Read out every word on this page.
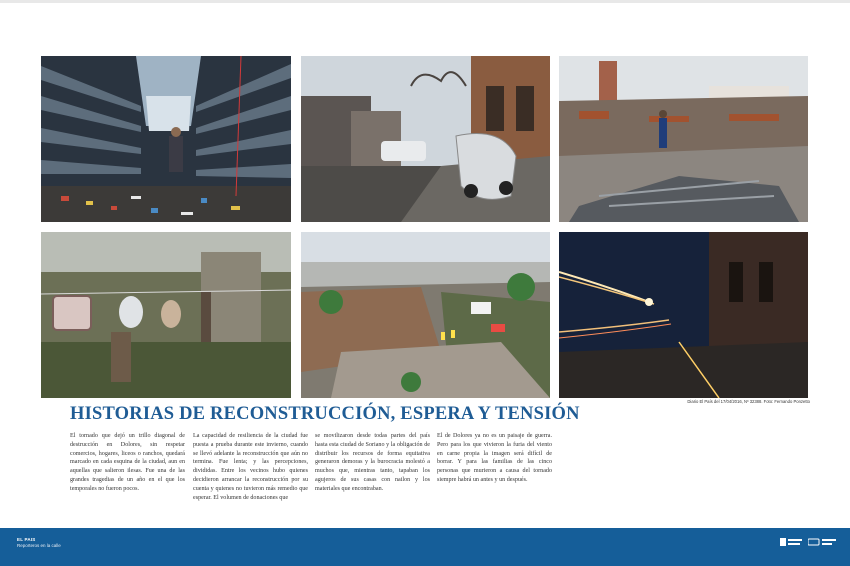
Diario El País del 17/04/2016, Nº 32388. Foto: Fernando Ponzetto
HISTORIAS DE RECONSTRUCCIÓN, ESPERA Y TENSIÓN

El tornado que dejó un trillo diagonal de destrucción en Dolores, sin respetar comercios, hogares, liceos o ranchos, quedará marcado en cada esquina de la ciudad, aun en aquellas que salieron ilesas. Fue una de las grandes tragedias de un año en el que los temporales no fueron pocos.

La capacidad de resiliencia de la ciudad fue puesta a prueba durante este invierno, cuando se llevó adelante la reconstrucción que aún no termina. Fue lenta; y las percepciones, divididas. Entre los vecinos hubo quienes decidieron arrancar la reconstrucción por su cuenta y quienes no tuvieron más remedio que esperar. El volumen de donaciones que

se movilizaron desde todas partes del país hasta esta ciudad de Soriano y la obligación de distribuir los recursos de forma equitativa generaron demoras y la burocracia molestó a muchos que, mientras tanto, tapaban los agujeros de sus casas con nailon y los materiales que encontraban.

El de Dolores ya no es un paisaje de guerra. Pero para los que vivieron la furia del viento en carne propia la imagen será difícil de borrar. Y para las familias de las cinco personas que murieron a causa del tornado siempre habrá un antes y un después.

EL PAIS
Reporteros en la calle
